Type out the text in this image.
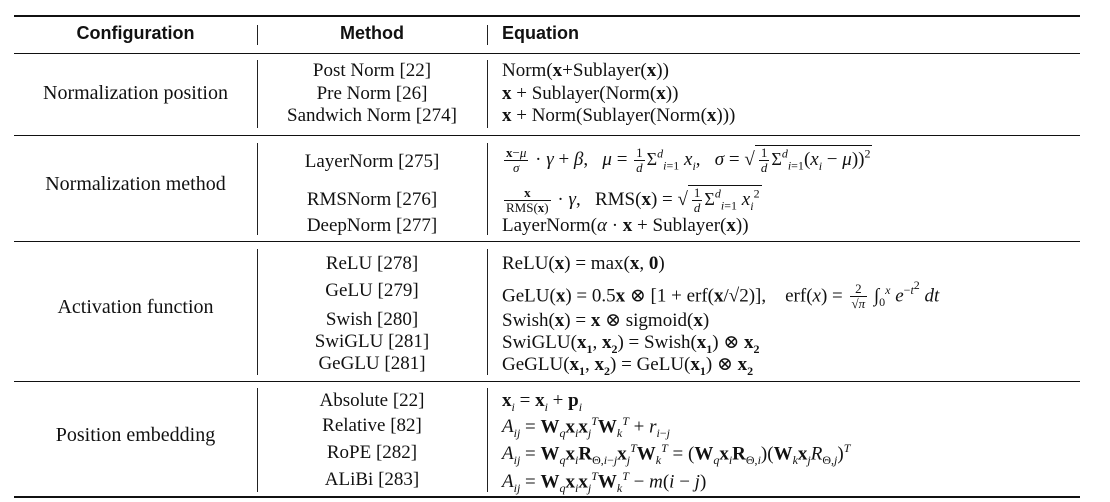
Configuration	Method	Equation
Normalization position
Post Norm [22]
Pre Norm [26]
Sandwich Norm [274]
Norm(x+Sublayer(x))
x + Sublayer(Norm(x))
x + Norm(Sublayer(Norm(x)))
Normalization method
LayerNorm [275]
RMSNorm [276]
DeepNorm [277]
$\frac{x-\mu}{\sigma} \cdot \gamma + \beta$,   $\mu = \frac{1}{d} \Sigma^d_{i=1}$ $x_i$,   σ = √ $\frac{1}{d} \Sigma^d_{i=1}(x_i - \mu))^2$
$\frac{x}{\text{RMS(x)}} \cdot \gamma$,   RMS(x) = √ $\frac{1}{d} \Sigma^d_{i=1}$ $x_i^2$
LayerNorm(α · x + Sublayer(x))
Activation function
ReLU [278]
GeLU [279]
Swish [280]
SwiGLU [281]
GeGLU [281]
ReLU(x) = max(x, 0)
GeLU(x) = 0.5x ⊗ [1 + erf(x/√2)],    $erf(x) = \frac{2}{√\pi} \int_0^x$ $e^{-t^2}$ dt
Swish(x) = x ⊗ sigmoid(x)
$SwiGLU(x_1$, $x_2$) = $Swish(x_1)$ ⊗ $x_2$
$GeGLU(x_1$, $x_2$) = $GeLU(x_1)$ ⊗ $x_2$
Position embedding
Absolute [22]
Relative [82]
RoPE [282]
ALiBi [283]
$x_i = x_i + p_i$
$A_{ij} = W_qx_ix_j^TW_k^T + r_{i-j}$
$A_{ij} = W_qx_iR_{\Theta,i-j}x_j^TW_k^T = (W_qx_iR_{\Theta,i})(W_kx_jR_{\Theta,j})^T$
$A_{ij} = W_qx_ix_j^TW_k^T - m(i - j)$
